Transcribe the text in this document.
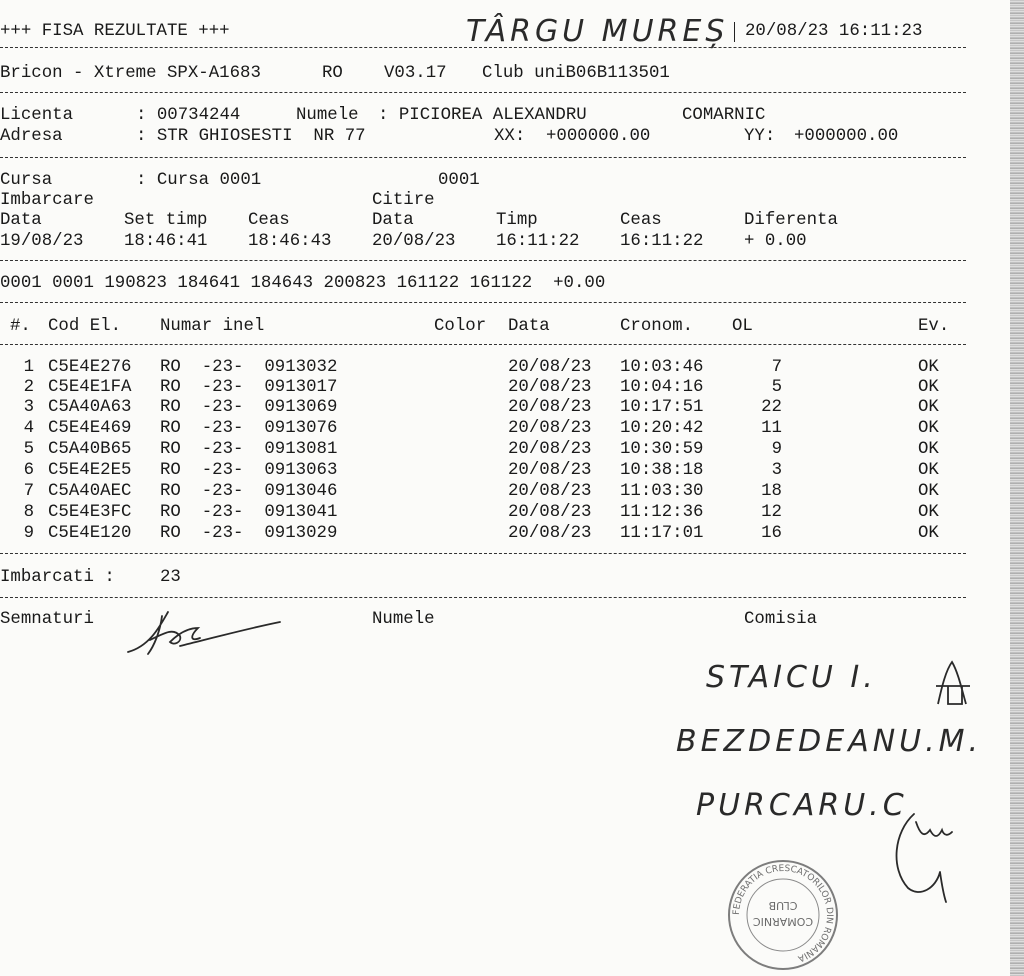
+++ FISA REZULTATE +++	TÂRGU MUREȘ 20/08/23 16:11:23
Bricon - Xtreme SPX-A1683	RO V03.17 Club uniB06B113501
Licenta	: 00734244	Numele : PICIOREA ALEXANDRU	COMARNIC
Adresa	: STR GHIOSESTI  NR 77	XX: +000000.00	YY: +000000.00
Cursa	: Cursa 0001	0001
Imbarcare	Citire
Data	Set timp Ceas	Data	Timp	Ceas	Diferenta
19/08/23 18:46:41 18:46:43 20/08/23 16:11:22 16:11:22 + 0.00
0001 0001 190823 184641 184643 200823 161122 161122  +0.00
#. Cod El. Numar inel	Color Data	Cronom. OL	Ev.
1 C5E4E276 RO  -23-  0913032	20/08/23 10:03:46	7	OK
2 C5E4E1FA RO  -23-  0913017	20/08/23 10:04:16	5	OK
3 C5A40A63 RO  -23-  0913069	20/08/23 10:17:51	22	OK
4 C5E4E469 RO  -23-  0913076	20/08/23 10:20:42	11	OK
5 C5A40B65 RO  -23-  0913081	20/08/23 10:30:59	9	OK
6 C5E4E2E5 RO  -23-  0913063	20/08/23 10:38:18	3	OK
7 C5A40AEC RO  -23-  0913046	20/08/23 11:03:30	18	OK
8 C5E4E3FC RO  -23-  0913041	20/08/23 11:12:36	12	OK
9 C5E4E120 RO  -23-  0913029	20/08/23 11:17:01	16	OK
Imbarcati :	23
Semnaturi	Numele	Comisia
STAICU I.
BEZDEDEANU.M.
PURCARU.C
FEDERATIA CRESCATORILOR DIN ROMANIA
COMARNIC
CLUB
